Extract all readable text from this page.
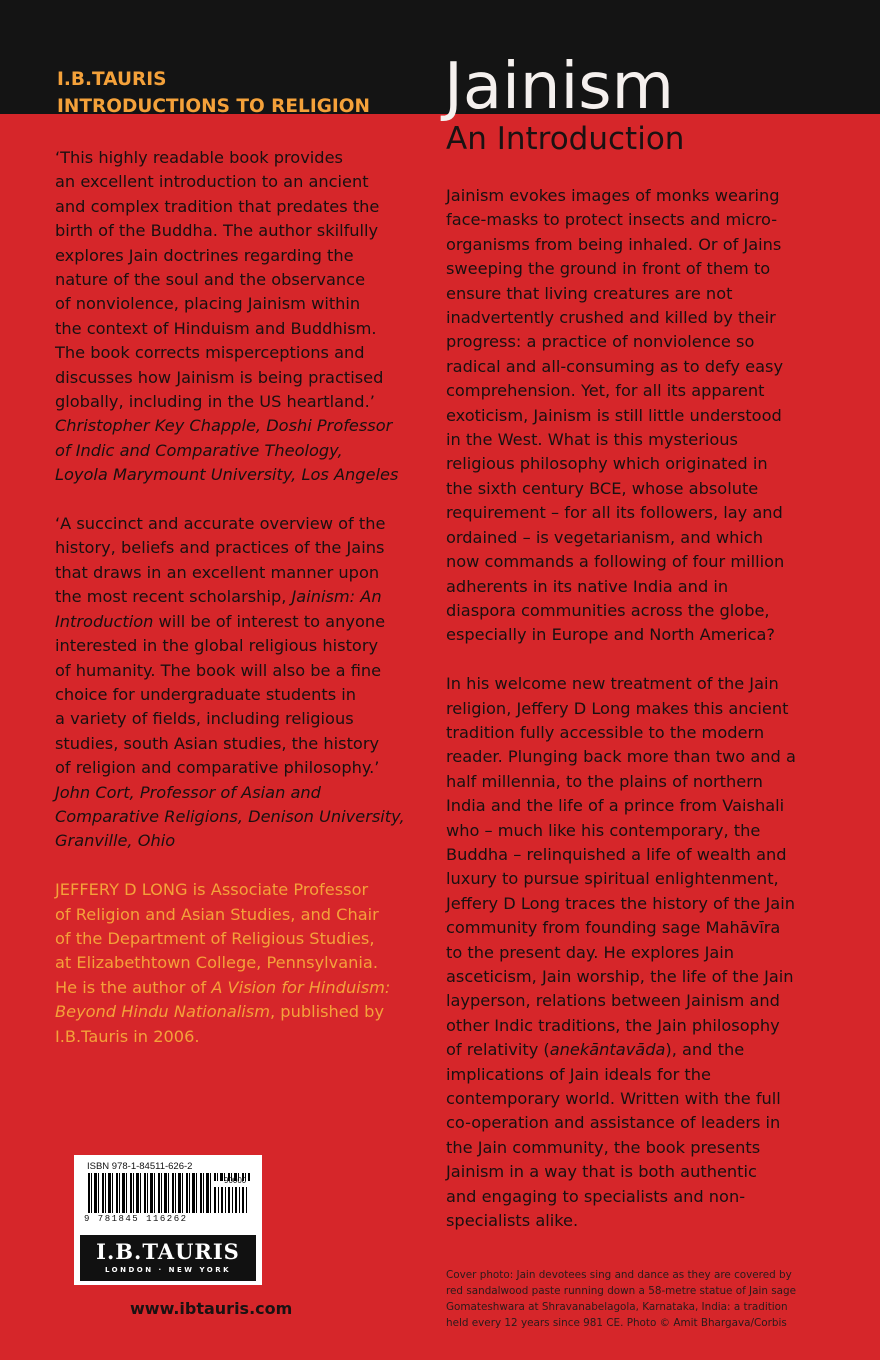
I.B.TAURIS
INTRODUCTIONS TO RELIGION Jainism
An Introduction
‘This highly readable book provides
an excellent introduction to an ancient
and complex tradition that predates the
birth of the Buddha. The author skilfully
explores Jain doctrines regarding the
nature of the soul and the observance
of nonviolence, placing Jainism within
the context of Hinduism and Buddhism.
The book corrects misperceptions and
discusses how Jainism is being practised
globally, including in the US heartland.’
Christopher Key Chapple, Doshi Professor
of Indic and Comparative Theology,
Loyola Marymount University, Los Angeles
‘A succinct and accurate overview of the
history, beliefs and practices of the Jains
that draws in an excellent manner upon
the most recent scholarship, Jainism: An
Introduction will be of interest to anyone
interested in the global religious history
of humanity. The book will also be a fine
choice for undergraduate students in
a variety of fields, including religious
studies, south Asian studies, the history
of religion and comparative philosophy.’
John Cort, Professor of Asian and
Comparative Religions, Denison University,
Granville, Ohio
JEFFERY D LONG is Associate Professor
of Religion and Asian Studies, and Chair
of the Department of Religious Studies,
at Elizabethtown College, Pennsylvania.
He is the author of A Vision for Hinduism:
Beyond Hindu Nationalism, published by
I.B.Tauris in 2006.
Jainism evokes images of monks wearing
face-masks to protect insects and micro-
organisms from being inhaled. Or of Jains
sweeping the ground in front of them to
ensure that living creatures are not
inadvertently crushed and killed by their
progress: a practice of nonviolence so
radical and all-consuming as to defy easy
comprehension. Yet, for all its apparent
exoticism, Jainism is still little understood
in the West. What is this mysterious
religious philosophy which originated in
the sixth century BCE, whose absolute
requirement – for all its followers, lay and
ordained – is vegetarianism, and which
now commands a following of four million
adherents in its native India and in
diaspora communities across the globe,
especially in Europe and North America?
In his welcome new treatment of the Jain
religion, Jeffery D Long makes this ancient
tradition fully accessible to the modern
reader. Plunging back more than two and a
half millennia, to the plains of northern
India and the life of a prince from Vaishali
who – much like his contemporary, the
Buddha – relinquished a life of wealth and
luxury to pursue spiritual enlightenment,
Jeffery D Long traces the history of the Jain
community from founding sage Mahāvīra
to the present day. He explores Jain
asceticism, Jain worship, the life of the Jain
layperson, relations between Jainism and
other Indic traditions, the Jain philosophy
of relativity (anekāntavāda), and the
implications of Jain ideals for the
contemporary world. Written with the full
co-operation and assistance of leaders in
the Jain community, the book presents
Jainism in a way that is both authentic
and engaging to specialists and non-
specialists alike.
ISBN 978-1-84511-626-2
90000
9 781845 116262
I.B.TAURIS
LONDON · NEW YORK
www.ibtauris.com
Cover photo: Jain devotees sing and dance as they are covered by
red sandalwood paste running down a 58-metre statue of Jain sage
Gomateshwara at Shravanabelagola, Karnataka, India: a tradition
held every 12 years since 981 CE. Photo © Amit Bhargava/Corbis
